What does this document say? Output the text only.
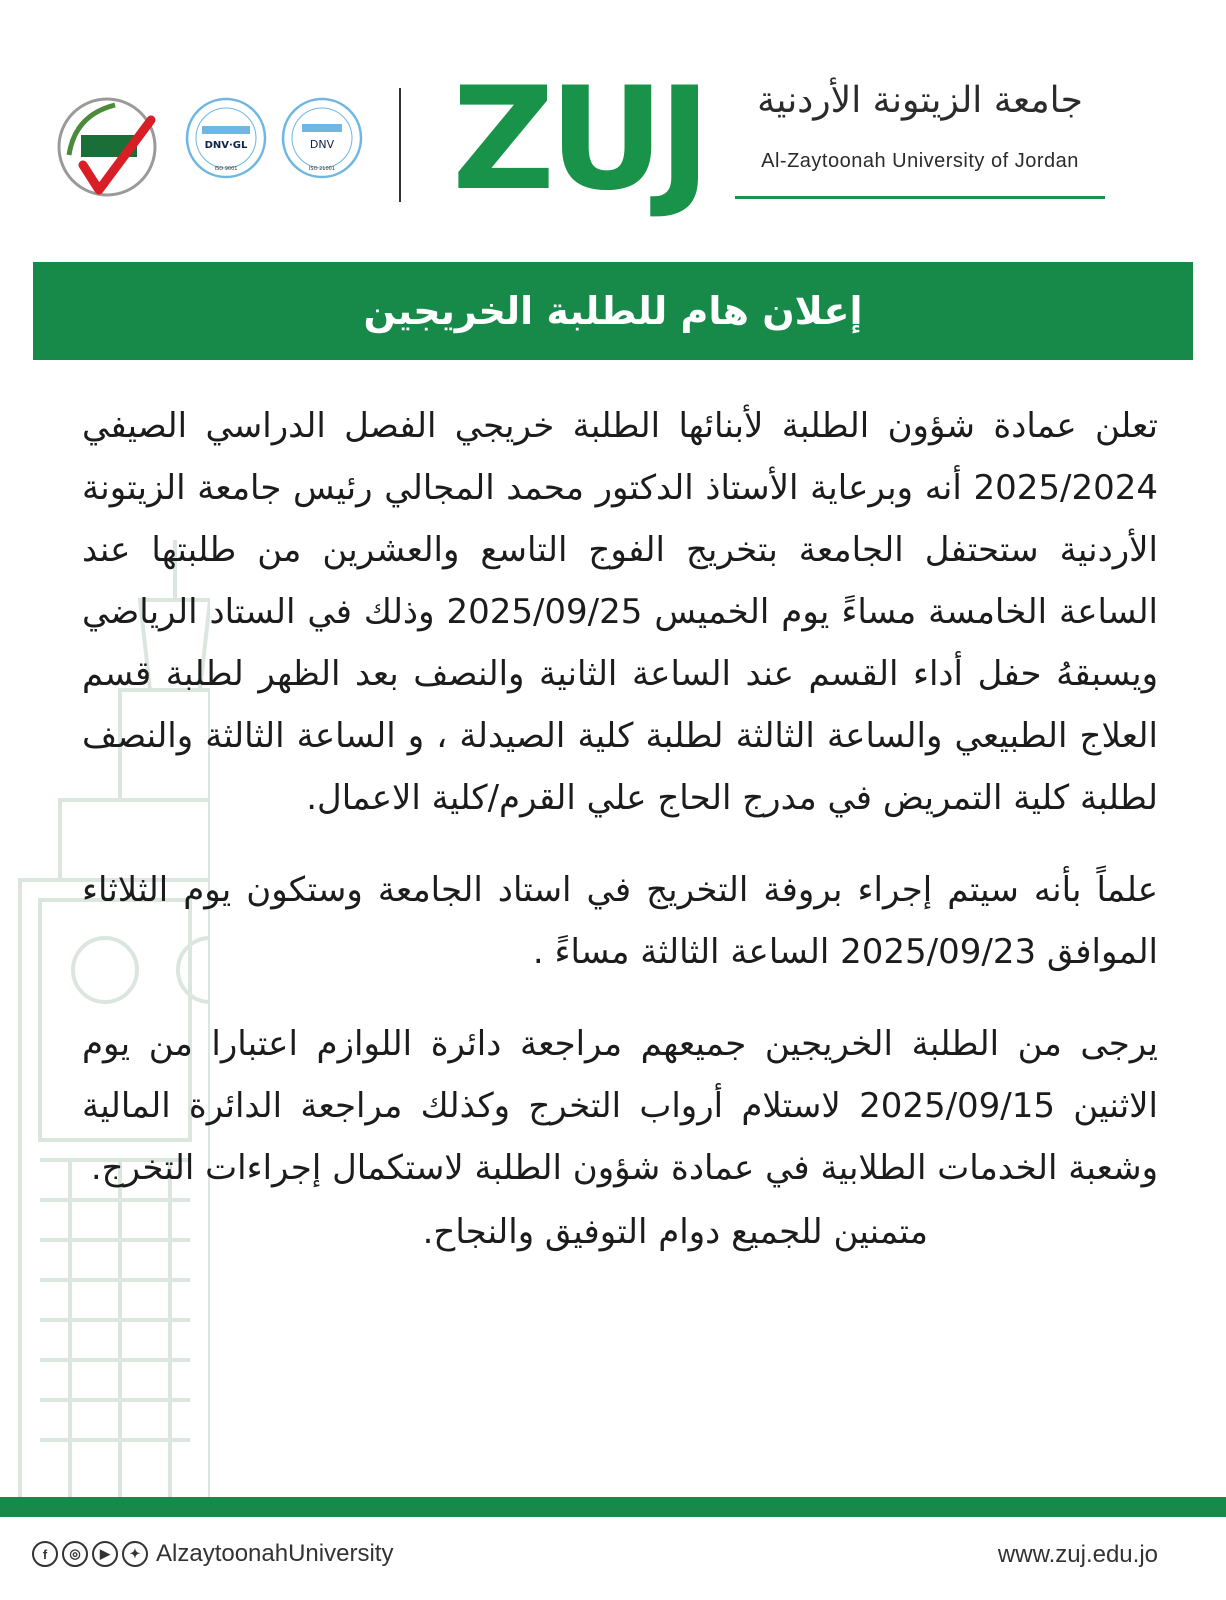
DNV·GL
ISO 9001
DNV
ISO 21001 ZUJ	جامعة الزيتونة الأردنية
Al-Zaytoonah University of Jordan
إعلان هام للطلبة الخريجين

تعلن عمادة شؤون الطلبة لأبنائها الطلبة خريجي الفصل الدراسي الصيفي 2025/2024 أنه وبرعاية الأستاذ الدكتور محمد المجالي رئيس جامعة الزيتونة الأردنية ستحتفل الجامعة بتخريج الفوج التاسع والعشرين من طلبتها عند الساعة الخامسة مساءً يوم الخميس 2025/09/25 وذلك في الستاد الرياضي ويسبقهُ حفل أداء القسم عند الساعة الثانية والنصف بعد الظهر لطلبة قسم العلاج الطبيعي والساعة الثالثة لطلبة كلية الصيدلة ، و الساعة الثالثة والنصف لطلبة كلية التمريض في مدرج الحاج علي القرم/كلية الاعمال.

علماً بأنه سيتم إجراء بروفة التخريج في استاد الجامعة وستكون يوم الثلاثاء الموافق 2025/09/23 الساعة الثالثة مساءً .

يرجى من الطلبة الخريجين جميعهم مراجعة دائرة اللوازم اعتبارا من يوم الاثنين 2025/09/15 لاستلام أرواب التخرج وكذلك مراجعة الدائرة المالية وشعبة الخدمات الطلابية في عمادة شؤون الطلبة لاستكمال إجراءات التخرج.

متمنين للجميع دوام التوفيق والنجاح.

f	◎	▶	✦ AlzaytoonahUniversity	www.zuj.edu.jo
